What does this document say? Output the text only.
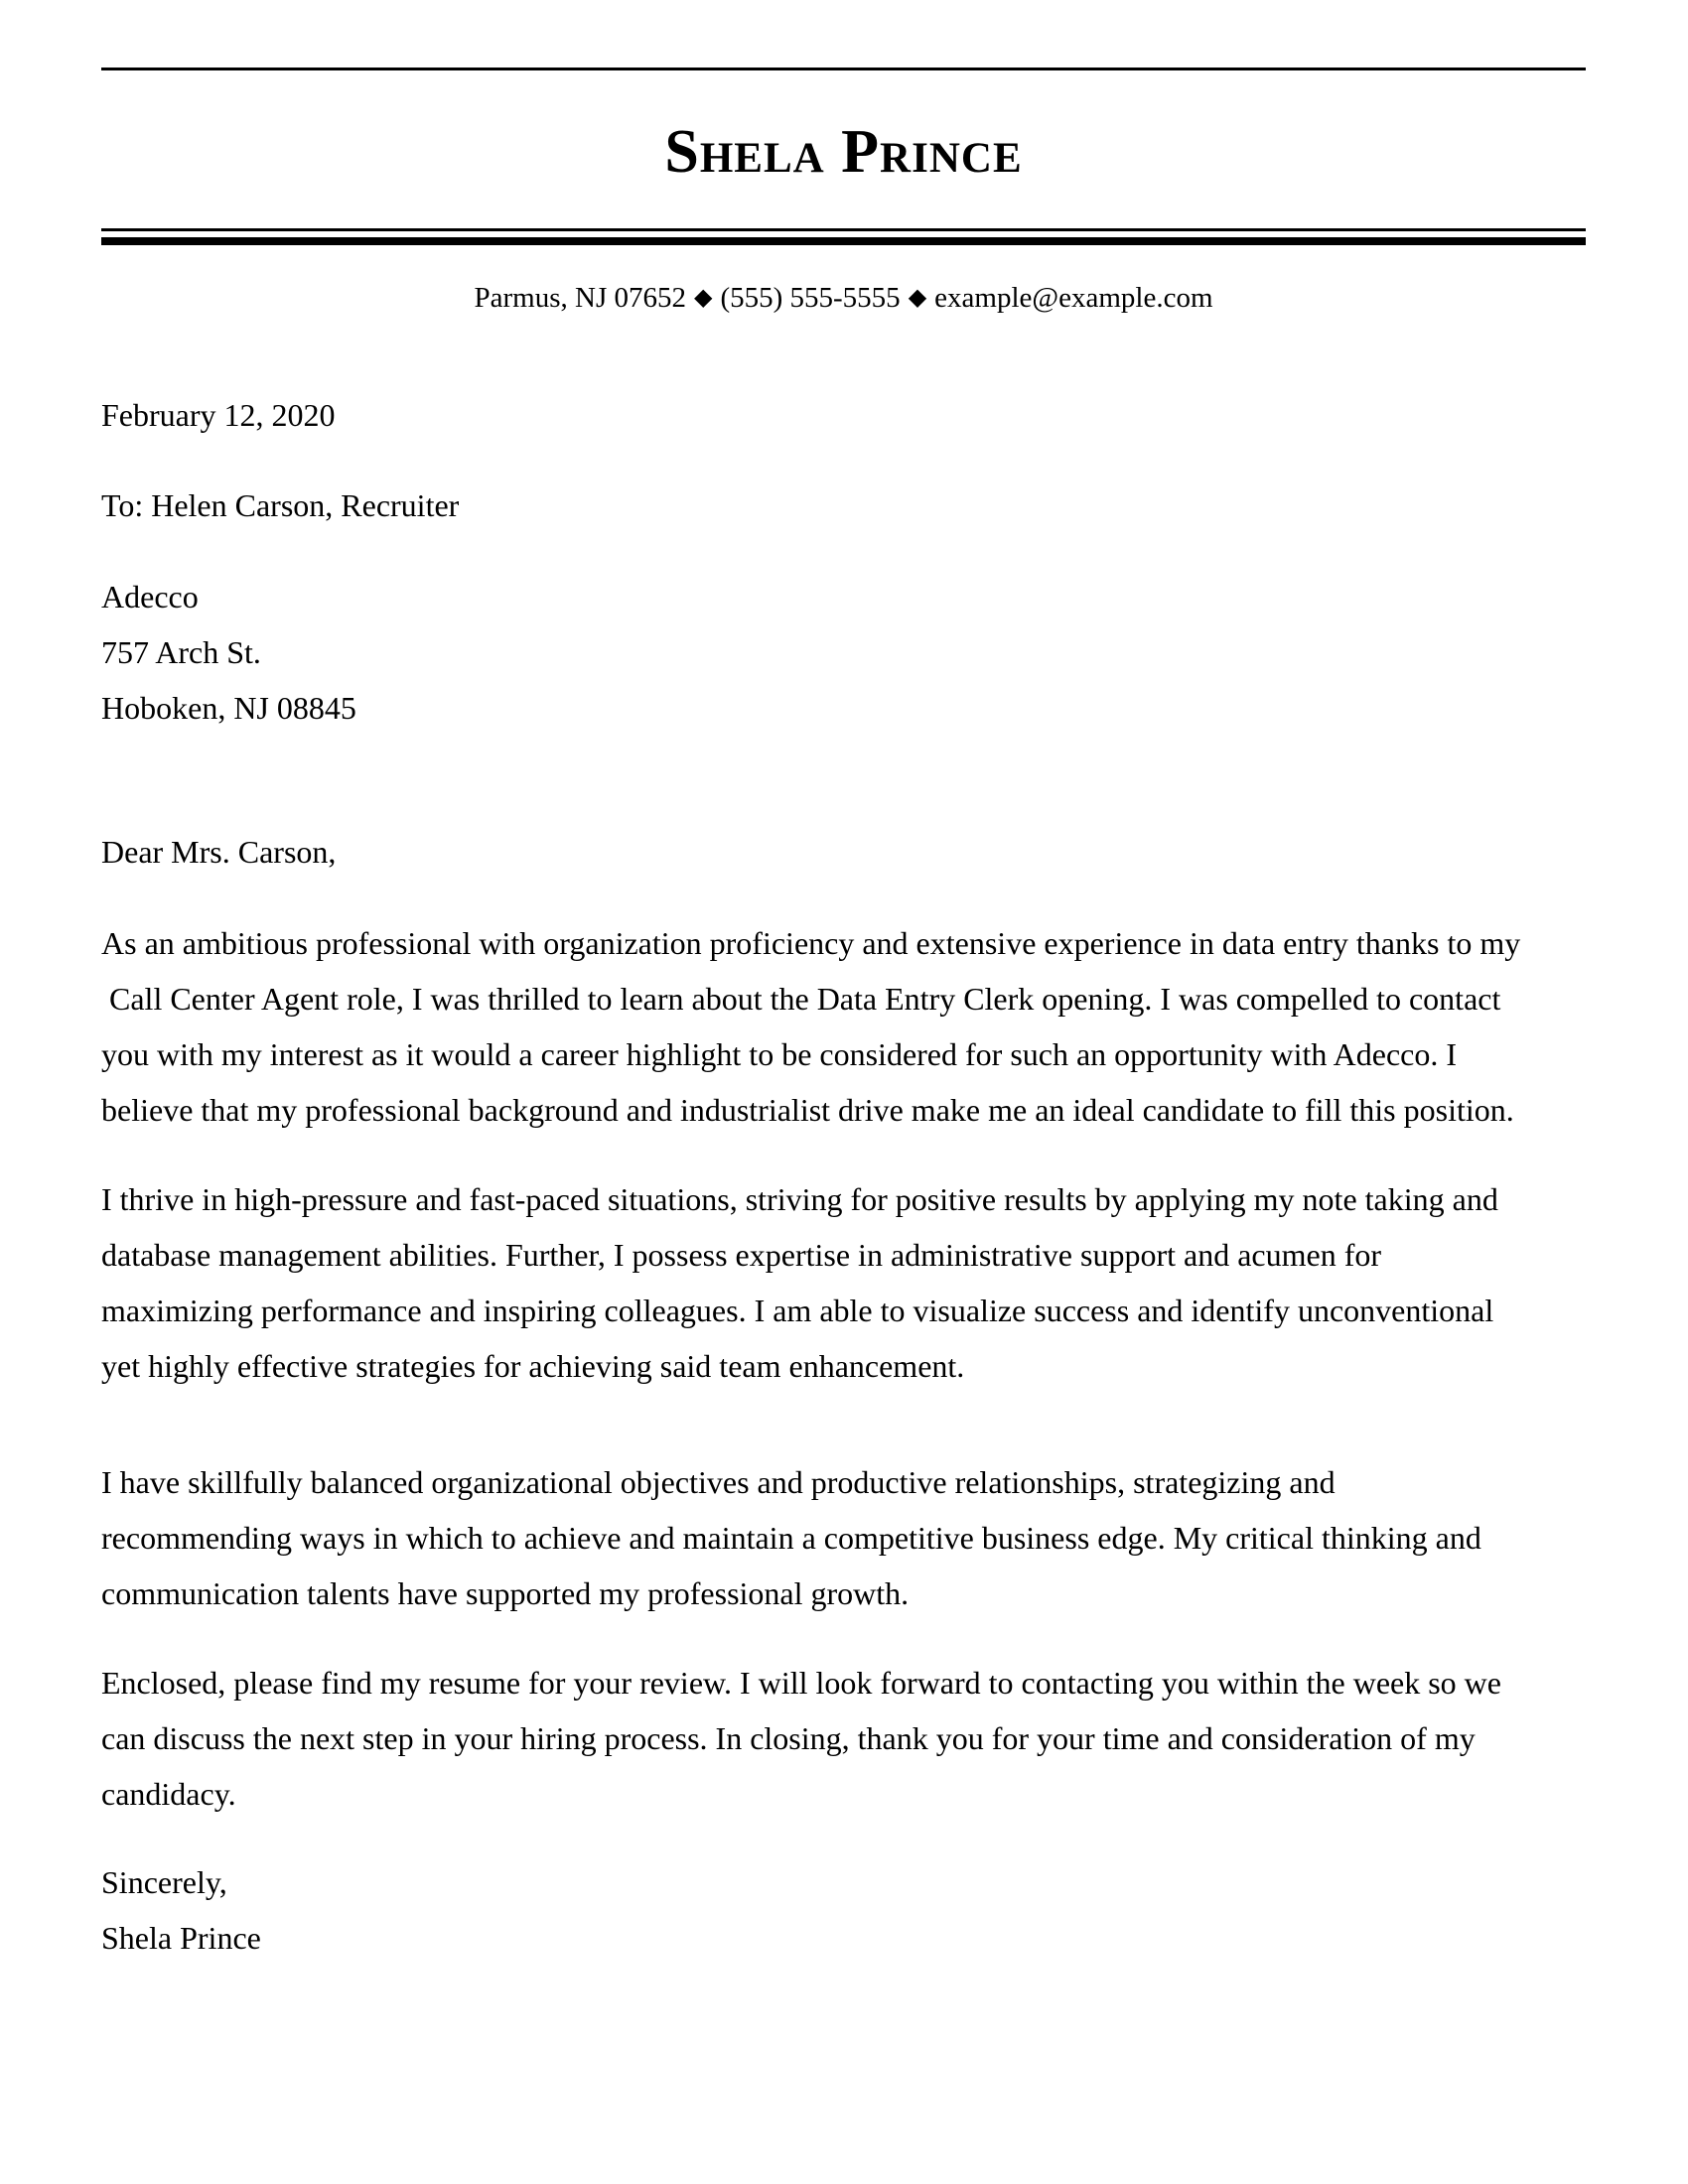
Shela Prince
Parmus, NJ 07652 ◆ (555) 555-5555 ◆ example@example.com
February 12, 2020
To: Helen Carson, Recruiter

Adecco

757 Arch St.

Hoboken, NJ 08845

Dear Mrs. Carson,

As an ambitious professional with organization proficiency and extensive experience in data entry thanks to my

Call Center Agent role, I was thrilled to learn about the Data Entry Clerk opening. I was compelled to contact

you with my interest as it would a career highlight to be considered for such an opportunity with Adecco. I

believe that my professional background and industrialist drive make me an ideal candidate to fill this position.

I thrive in high-pressure and fast-paced situations, striving for positive results by applying my note taking and

database management abilities. Further, I possess expertise in administrative support and acumen for

maximizing performance and inspiring colleagues. I am able to visualize success and identify unconventional

yet highly effective strategies for achieving said team enhancement.

I have skillfully balanced organizational objectives and productive relationships, strategizing and

recommending ways in which to achieve and maintain a competitive business edge. My critical thinking and

communication talents have supported my professional growth.

Enclosed, please find my resume for your review. I will look forward to contacting you within the week so we

can discuss the next step in your hiring process. In closing, thank you for your time and consideration of my

candidacy.

Sincerely,

Shela Prince
